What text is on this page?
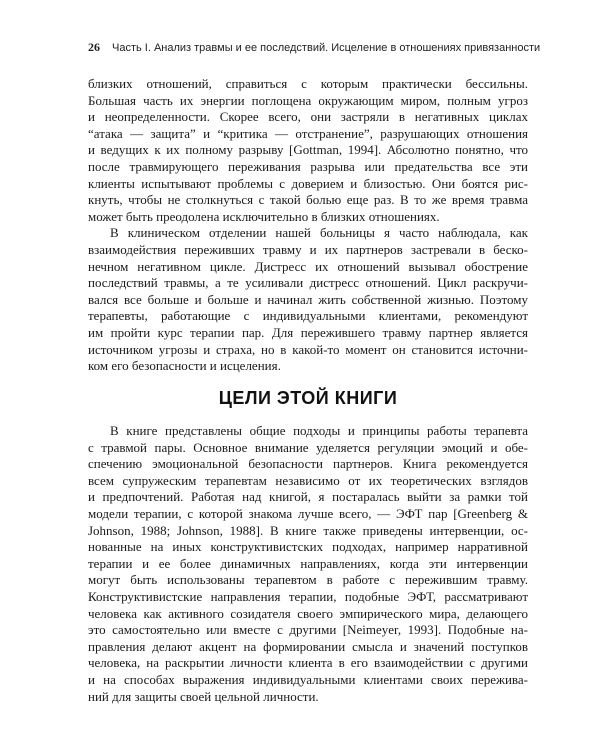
26 Часть I. Анализ травмы и ее последствий. Исцеление в отношениях привязанности
близких отношений, справиться с которым практически бессильны.
Большая часть их энергии поглощена окружающим миром, полным угроз
и неопределенности. Скорее всего, они застряли в негативных циклах
“атака — защита” и “критика — отстранение”, разрушающих отношения
и ведущих к их полному разрыву [Gottman, 1994]. Абсолютно понятно, что
после травмирующего переживания разрыва или предательства все эти
клиенты испытывают проблемы с доверием и близостью. Они боятся рис-
кнуть, чтобы не столкнуться с такой болью еще раз. В то же время травма
может быть преодолена исключительно в близких отношениях.
В клиническом отделении нашей больницы я часто наблюдала, как
взаимодействия переживших травму и их партнеров застревали в беско-
нечном негативном цикле. Дистресс их отношений вызывал обострение
последствий травмы, а те усиливали дистресс отношений. Цикл раскручи-
вался все больше и больше и начинал жить собственной жизнью. Поэтому
терапевты, работающие с индивидуальными клиентами, рекомендуют
им пройти курс терапии пар. Для пережившего травму партнер является
источником угрозы и страха, но в какой-то момент он становится источни-
ком его безопасности и исцеления.
ЦЕЛИ ЭТОЙ КНИГИ
В книге представлены общие подходы и принципы работы терапевта
с травмой пары. Основное внимание уделяется регуляции эмоций и обе-
спечению эмоциональной безопасности партнеров. Книга рекомендуется
всем супружеским терапевтам независимо от их теоретических взглядов
и предпочтений. Работая над книгой, я постаралась выйти за рамки той
модели терапии, с которой знакома лучше всего, — ЭФТ пар [Greenberg &
Johnson, 1988; Johnson, 1988]. В книге также приведены интервенции, ос-
нованные на иных конструктивистских подходах, например нарративной
терапии и ее более динамичных направлениях, когда эти интервенции
могут быть использованы терапевтом в работе с пережившим травму.
Конструктивистские направления терапии, подобные ЭФТ, рассматривают
человека как активного созидателя своего эмпирического мира, делающего
это самостоятельно или вместе с другими [Neimeyer, 1993]. Подобные на-
правления делают акцент на формировании смысла и значений поступков
человека, на раскрытии личности клиента в его взаимодействии с другими
и на способах выражения индивидуальными клиентами своих пережива-
ний для защиты своей цельной личности.
